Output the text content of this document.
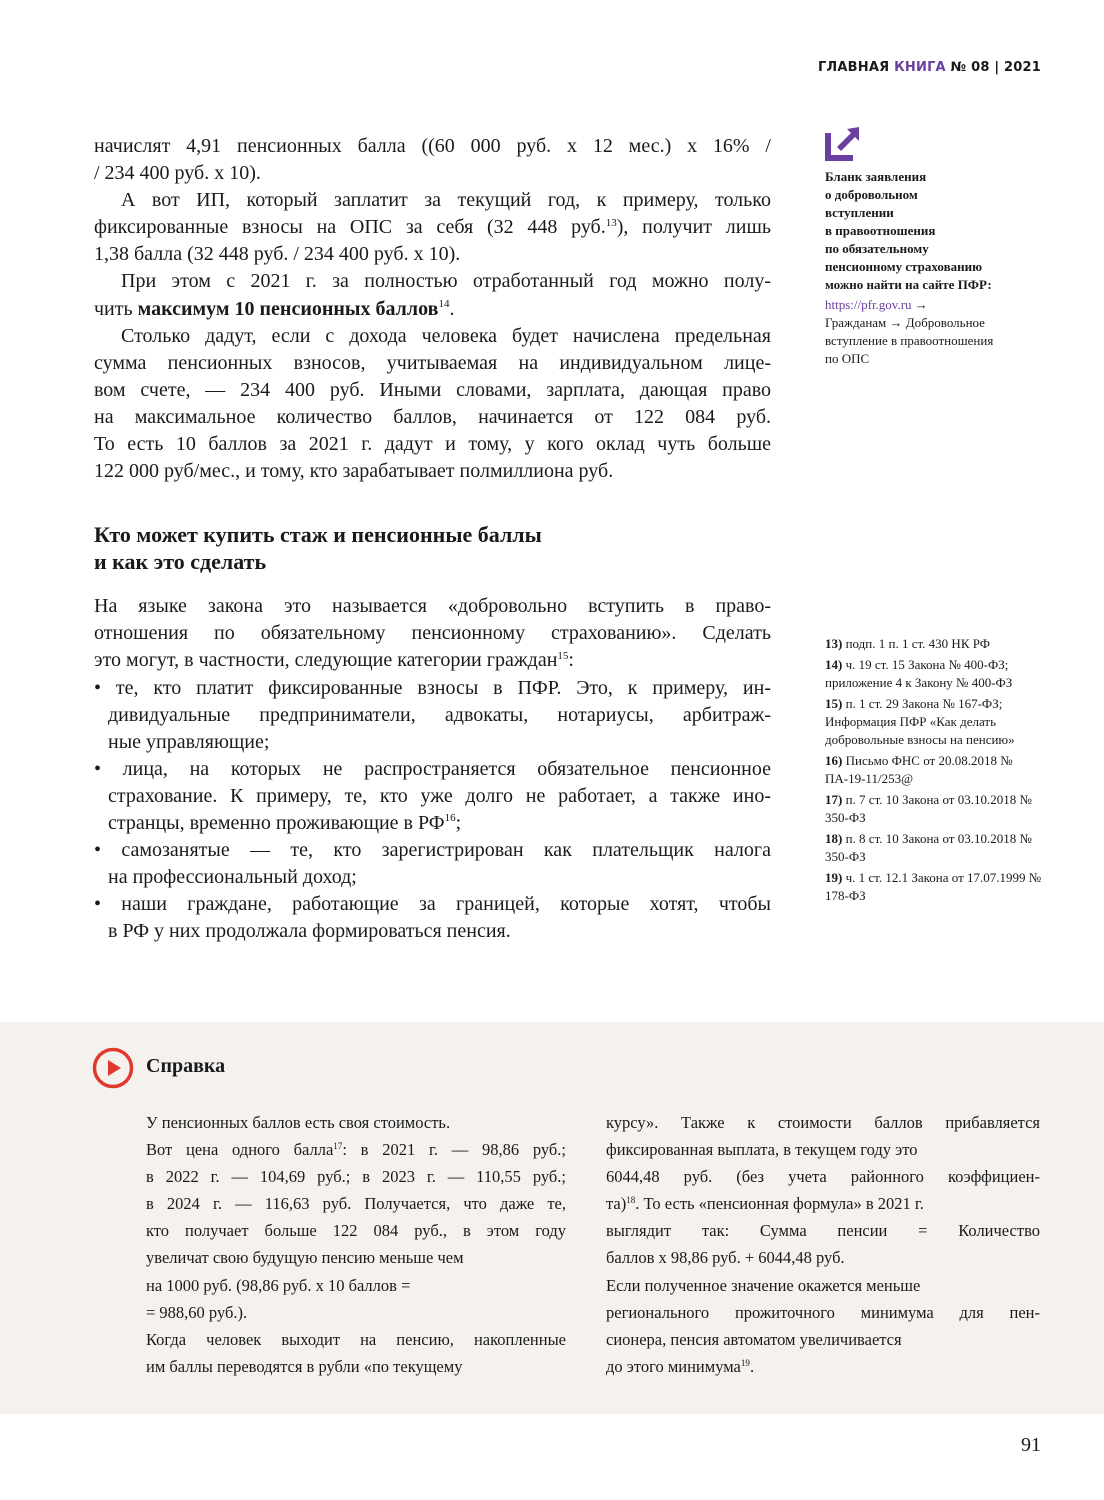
ГЛАВНАЯ КНИГА № 08 | 2021
начислят 4,91 пенсионных балла ((60 000 руб. х 12 мес.) х 16% /
/ 234 400 руб. х 10).
А вот ИП, который заплатит за текущий год, к примеру, только
фиксированные взносы на ОПС за себя (32 448 руб.$^{13}$), получит лишь
1,38 балла (32 448 руб. / 234 400 руб. х 10).
При этом с 2021 г. за полностью отработанный год можно полу-
чить максимум 10 пенсионных баллов$^{14}$.
Столько дадут, если с дохода человека будет начислена предельная
сумма пенсионных взносов, учитываемая на индивидуальном лице-
вом счете, — 234 400 руб. Иными словами, зарплата, дающая право
на максимальное количество баллов, начинается от 122 084 руб.
То есть 10 баллов за 2021 г. дадут и тому, у кого оклад чуть больше
122 000 руб/мес., и тому, кто зарабатывает полмиллиона руб.
Кто может купить стаж и пенсионные баллы
и как это сделать
На языке закона это называется «добровольно вступить в право-
отношения по обязательному пенсионному страхованию». Сделать
это могут, в частности, следующие категории граждан$^{15}$:
• те, кто платит фиксированные взносы в ПФР. Это, к примеру, ин-
дивидуальные предприниматели, адвокаты, нотариусы, арбитраж-
ные управляющие;
• лица, на которых не распространяется обязательное пенсионное
страхование. К примеру, те, кто уже долго не работает, а также ино-
странцы, временно проживающие в РФ$^{16}$;
• самозанятые — те, кто зарегистрирован как плательщик налога
на профессиональный доход;
• наши граждане, работающие за границей, которые хотят, чтобы
в РФ у них продолжала формироваться пенсия.
Бланк заявления
о добровольном
вступлении
в правоотношения
по обязательному
пенсионному страхованию
можно найти на сайте ПФР:
https://pfr.gov.ru →
Гражданам → Добровольное
вступление в правоотношения
по ОПС
13) подп. 1 п. 1 ст. 430 НК РФ
14) ч. 19 ст. 15 Закона № 400-ФЗ; приложение 4 к Закону № 400-ФЗ
15) п. 1 ст. 29 Закона № 167-ФЗ; Информация ПФР «Как делать добровольные взносы на пенсию»
16) Письмо ФНС от 20.08.2018 № ПА-19-11/253@
17) п. 7 ст. 10 Закона от 03.10.2018 № 350-ФЗ
18) п. 8 ст. 10 Закона от 03.10.2018 № 350-ФЗ
19) ч. 1 ст. 12.1 Закона от 17.07.1999 № 178-ФЗ
Справка
У пенсионных баллов есть своя стоимость.
Вот цена одного балла$^{17}$: в 2021 г. — 98,86 руб.;
в 2022 г. — 104,69 руб.; в 2023 г. — 110,55 руб.;
в 2024 г. — 116,63 руб. Получается, что даже те,
кто получает больше 122 084 руб., в этом году
увеличат свою будущую пенсию меньше чем
на 1000 руб. (98,86 руб. х 10 баллов =
= 988,60 руб.).
Когда человек выходит на пенсию, накопленные
им баллы переводятся в рубли «по текущему
курсу». Также к стоимости баллов прибавляется
фиксированная выплата, в текущем году это
6044,48 руб. (без учета районного коэффициен-
та)$^{18}$. То есть «пенсионная формула» в 2021 г.
выглядит так: Сумма пенсии = Количество
баллов х 98,86 руб. + 6044,48 руб.
Если полученное значение окажется меньше
регионального прожиточного минимума для пен-
сионера, пенсия автоматом увеличивается
до этого минимума$^{19}$.
91
